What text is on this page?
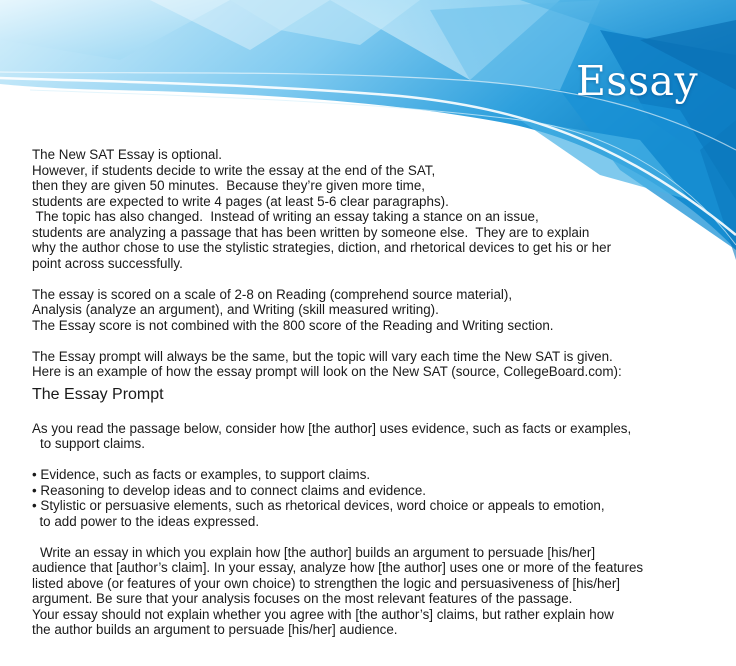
Essay
The New SAT Essay is optional.
However, if students decide to write the essay at the end of the SAT,
then they are given 50 minutes.  Because they’re given more time,
students are expected to write 4 pages (at least 5-6 clear paragraphs).
The topic has also changed.  Instead of writing an essay taking a stance on an issue,
students are analyzing a passage that has been written by someone else.  They are to explain
why the author chose to use the stylistic strategies, diction, and rhetorical devices to get his or her
point across successfully.
The essay is scored on a scale of 2-8 on Reading (comprehend source material),
Analysis (analyze an argument), and Writing (skill measured writing).
The Essay score is not combined with the 800 score of the Reading and Writing section.
The Essay prompt will always be the same, but the topic will vary each time the New SAT is given.
Here is an example of how the essay prompt will look on the New SAT (source, CollegeBoard.com):
The Essay Prompt
As you read the passage below, consider how [the author] uses evidence, such as facts or examples,
to support claims.
• Evidence, such as facts or examples, to support claims.
• Reasoning to develop ideas and to connect claims and evidence.
• Stylistic or persuasive elements, such as rhetorical devices, word choice or appeals to emotion,
to add power to the ideas expressed.
Write an essay in which you explain how [the author] builds an argument to persuade [his/her]
audience that [author’s claim]. In your essay, analyze how [the author] uses one or more of the features
listed above (or features of your own choice) to strengthen the logic and persuasiveness of [his/her]
argument. Be sure that your analysis focuses on the most relevant features of the passage.
Your essay should not explain whether you agree with [the author’s] claims, but rather explain how
the author builds an argument to persuade [his/her] audience.
